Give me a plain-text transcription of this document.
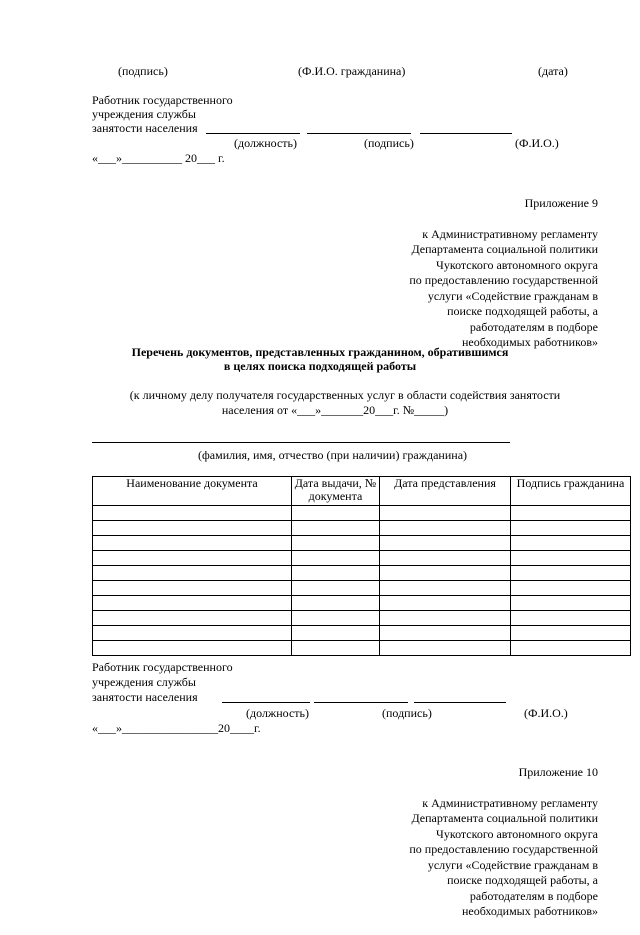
(подпись)	(Ф.И.О. гражданина)	(дата)
Работник государственного
учреждения службы
занятости населения
(должность)	(подпись)	(Ф.И.О.)
«___»__________ 20___ г.

Приложение 9

к Административному регламенту
Департамента социальной политики
Чукотского автономного округа
по предоставлению государственной
услуги «Содействие гражданам в
поиске подходящей работы, а
работодателям в подборе
необходимых работников»

Перечень документов, представленных гражданином, обратившимся
в целях поиска подходящей работы
(к личному делу получателя государственных услуг в области содействия занятости
населения от «___»_______20___г. №_____)
(фамилия, имя, отчество (при наличии) гражданина)
Наименование документа	Дата выдачи, № документа	Дата представления	Подпись гражданина

Работник государственного
учреждения службы
занятости населения
(должность)	(подпись)	(Ф.И.О.)
«___»________________20____г.

Приложение 10

к Административному регламенту
Департамента социальной политики
Чукотского автономного округа
по предоставлению государственной
услуги «Содействие гражданам в
поиске подходящей работы, а
работодателям в подборе
необходимых работников»
